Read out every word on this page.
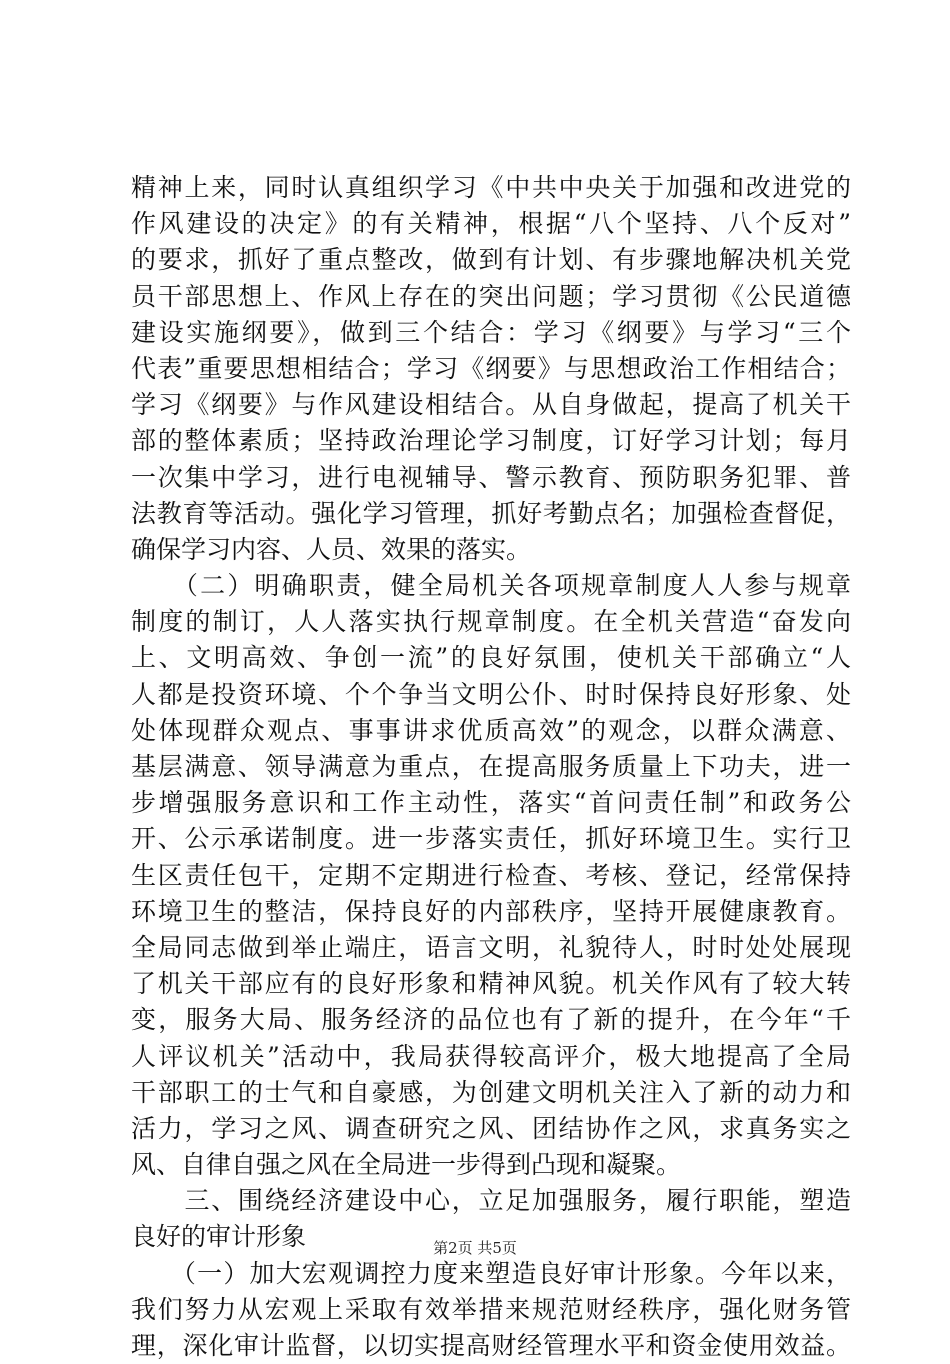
精神上来，同时认真组织学习《中共中央关于加强和改进党的
作风建设的决定》的有关精神，根据“八个坚持、八个反对”
的要求，抓好了重点整改，做到有计划、有步骤地解决机关党
员干部思想上、作风上存在的突出问题；学习贯彻《公民道德
建设实施纲要》，做到三个结合：学习《纲要》与学习“三个
代表”重要思想相结合；学习《纲要》与思想政治工作相结合；
学习《纲要》与作风建设相结合。从自身做起，提高了机关干
部的整体素质；坚持政治理论学习制度，订好学习计划；每月
一次集中学习，进行电视辅导、警示教育、预防职务犯罪、普
法教育等活动。强化学习管理，抓好考勤点名；加强检查督促，
确保学习内容、人员、效果的落实。
　　（二）明确职责，健全局机关各项规章制度人人参与规章
制度的制订，人人落实执行规章制度。在全机关营造“奋发向
上、文明高效、争创一流”的良好氛围，使机关干部确立“人
人都是投资环境、个个争当文明公仆、时时保持良好形象、处
处体现群众观点、事事讲求优质高效”的观念，以群众满意、
基层满意、领导满意为重点，在提高服务质量上下功夫，进一
步增强服务意识和工作主动性，落实“首问责任制”和政务公
开、公示承诺制度。进一步落实责任，抓好环境卫生。实行卫
生区责任包干，定期不定期进行检查、考核、登记，经常保持
环境卫生的整洁，保持良好的内部秩序，坚持开展健康教育。
全局同志做到举止端庄，语言文明，礼貌待人，时时处处展现
了机关干部应有的良好形象和精神风貌。机关作风有了较大转
变，服务大局、服务经济的品位也有了新的提升，在今年“千
人评议机关”活动中，我局获得较高评介，极大地提高了全局
干部职工的士气和自豪感，为创建文明机关注入了新的动力和
活力，学习之风、调查研究之风、团结协作之风，求真务实之
风、自律自强之风在全局进一步得到凸现和凝聚。
　　三、围绕经济建设中心，立足加强服务，履行职能，塑造
良好的审计形象
　　（一）加大宏观调控力度来塑造良好审计形象。今年以来，
我们努力从宏观上采取有效举措来规范财经秩序，强化财务管
理，深化审计监督，以切实提高财经管理水平和资金使用效益。
第2页 共5页
